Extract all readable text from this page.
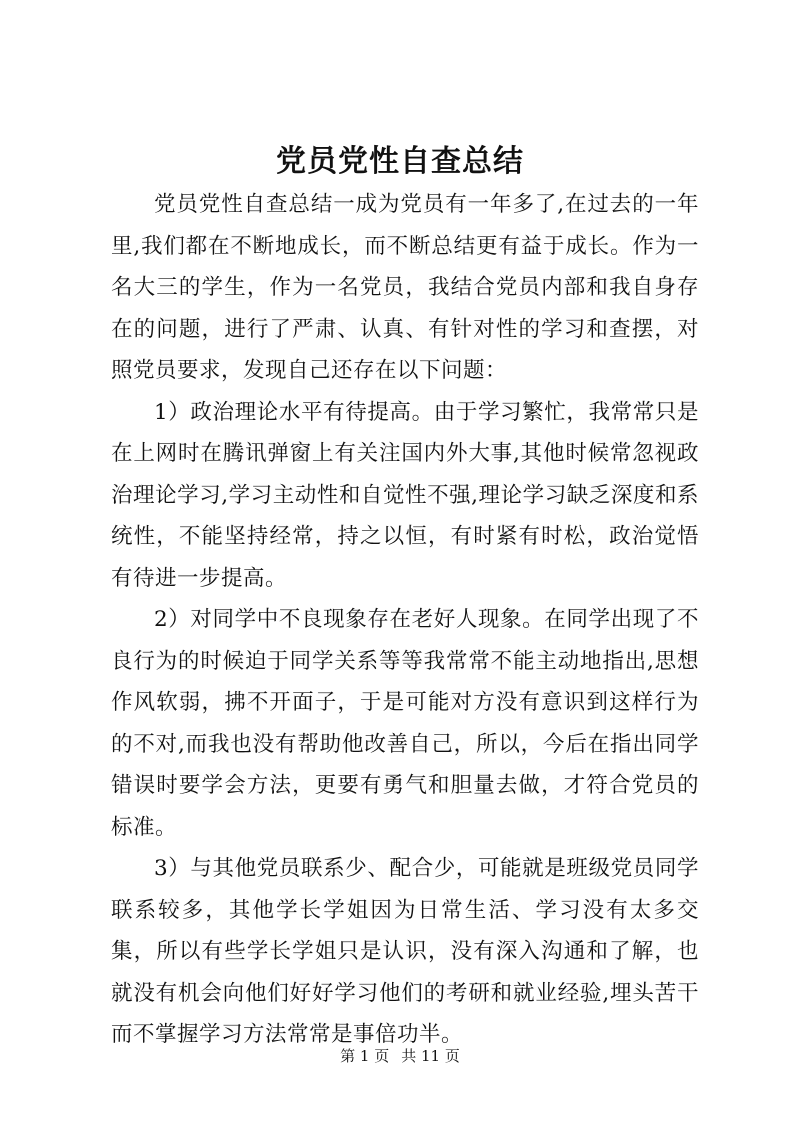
党员党性自查总结

党员党性自查总结一成为党员有一年多了,在过去的一年里,我们都在不断地成长，而不断总结更有益于成长。作为一名大三的学生，作为一名党员，我结合党员内部和我自身存在的问题，进行了严肃、认真、有针对性的学习和查摆，对照党员要求，发现自己还存在以下问题：

1）政治理论水平有待提高。由于学习繁忙，我常常只是在上网时在腾讯弹窗上有关注国内外大事,其他时候常忽视政治理论学习,学习主动性和自觉性不强,理论学习缺乏深度和系统性，不能坚持经常，持之以恒，有时紧有时松，政治觉悟有待进一步提高。

2）对同学中不良现象存在老好人现象。在同学出现了不良行为的时候迫于同学关系等等我常常不能主动地指出,思想作风软弱，拂不开面子，于是可能对方没有意识到这样行为的不对,而我也没有帮助他改善自己，所以，今后在指出同学错误时要学会方法，更要有勇气和胆量去做，才符合党员的标准。

3）与其他党员联系少、配合少，可能就是班级党员同学联系较多，其他学长学姐因为日常生活、学习没有太多交集，所以有些学长学姐只是认识，没有深入沟通和了解，也就没有机会向他们好好学习他们的考研和就业经验,埋头苦干而不掌握学习方法常常是事倍功半。

第 1 页 共 11 页
